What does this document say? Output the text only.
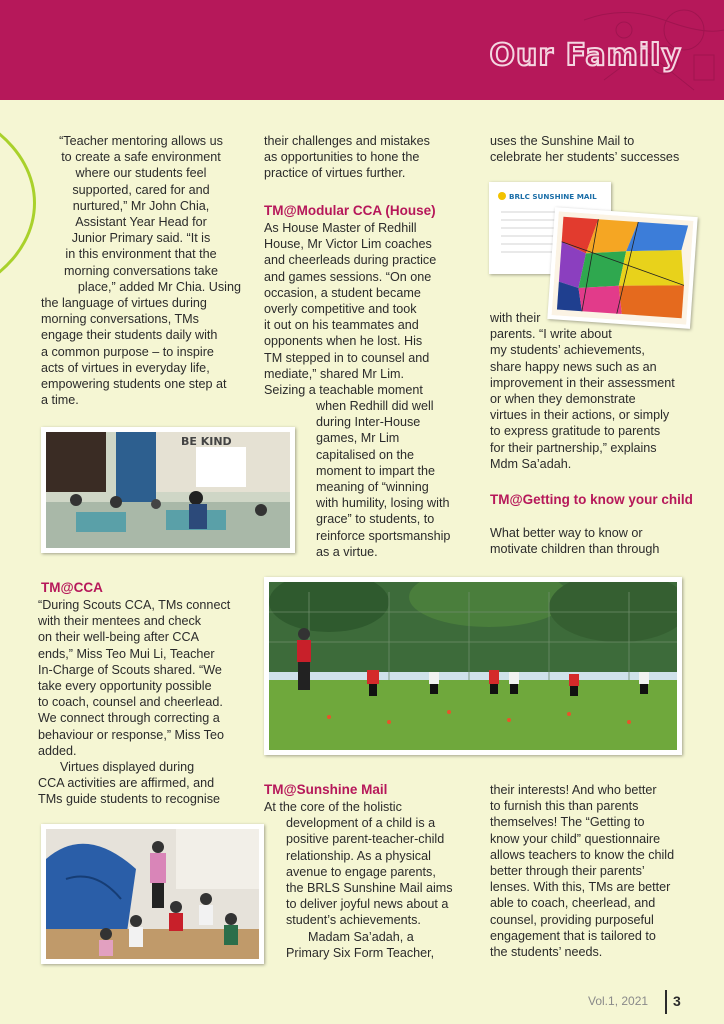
Our Family

“Teacher mentoring allows us

to create a safe environment

where our students feel

supported, cared for and

nurtured,” Mr John Chia,

Assistant Year Head for

Junior Primary said. “It is

in this environment that the

morning conversations take

place,” added Mr Chia. Using

the language of virtues during

morning conversations, TMs

engage their students daily with

a common purpose – to inspire

acts of virtues in everyday life,

empowering students one step at

a time.

BE KIND

their challenges and mistakes

as opportunities to hone the

practice of virtues further.

TM@Modular CCA (House)

As House Master of Redhill

House, Mr Victor Lim coaches

and cheerleads during practice

and games sessions. “On one

occasion, a student became

overly competitive and took

it out on his teammates and

opponents when he lost. His

TM stepped in to counsel and

mediate,” shared Mr Lim.

Seizing a teachable moment

when Redhill did well

during Inter-House

games, Mr Lim

capitalised on the

moment to impart the

meaning of “winning

with humility, losing with

grace” to students, to

reinforce sportsmanship

as a virtue.

uses the Sunshine Mail to

celebrate her students’ successes

BRLC SUNSHINE MAIL

with their

parents. “I write about

my students’ achievements,

share happy news such as an

improvement in their assessment

or when they demonstrate

virtues in their actions, or simply

to express gratitude to parents

for their partnership,” explains

Mdm Sa’adah.

TM@Getting to know your child

What better way to know or

motivate children than through

TM@CCA

“During Scouts CCA, TMs connect

with their mentees and check

on their well-being after CCA

ends,” Miss Teo Mui Li, Teacher

In-Charge of Scouts shared. “We

take every opportunity possible

to coach, counsel and cheerlead.

We connect through correcting a

behaviour or response,” Miss Teo

added.

Virtues displayed during

CCA activities are affirmed, and

TMs guide students to recognise

TM@Sunshine Mail

At the core of the holistic

development of a child is a

positive parent-teacher-child

relationship. As a physical

avenue to engage parents,

the BRLS Sunshine Mail aims

to deliver joyful news about a

student’s achievements.

Madam Sa’adah, a

Primary Six Form Teacher,

their interests! And who better

to furnish this than parents

themselves! The “Getting to

know your child” questionnaire

allows teachers to know the child

better through their parents’

lenses. With this, TMs are better

able to coach, cheerlead, and

counsel, providing purposeful

engagement that is tailored to

the students’ needs.

Vol.1, 2021 3
